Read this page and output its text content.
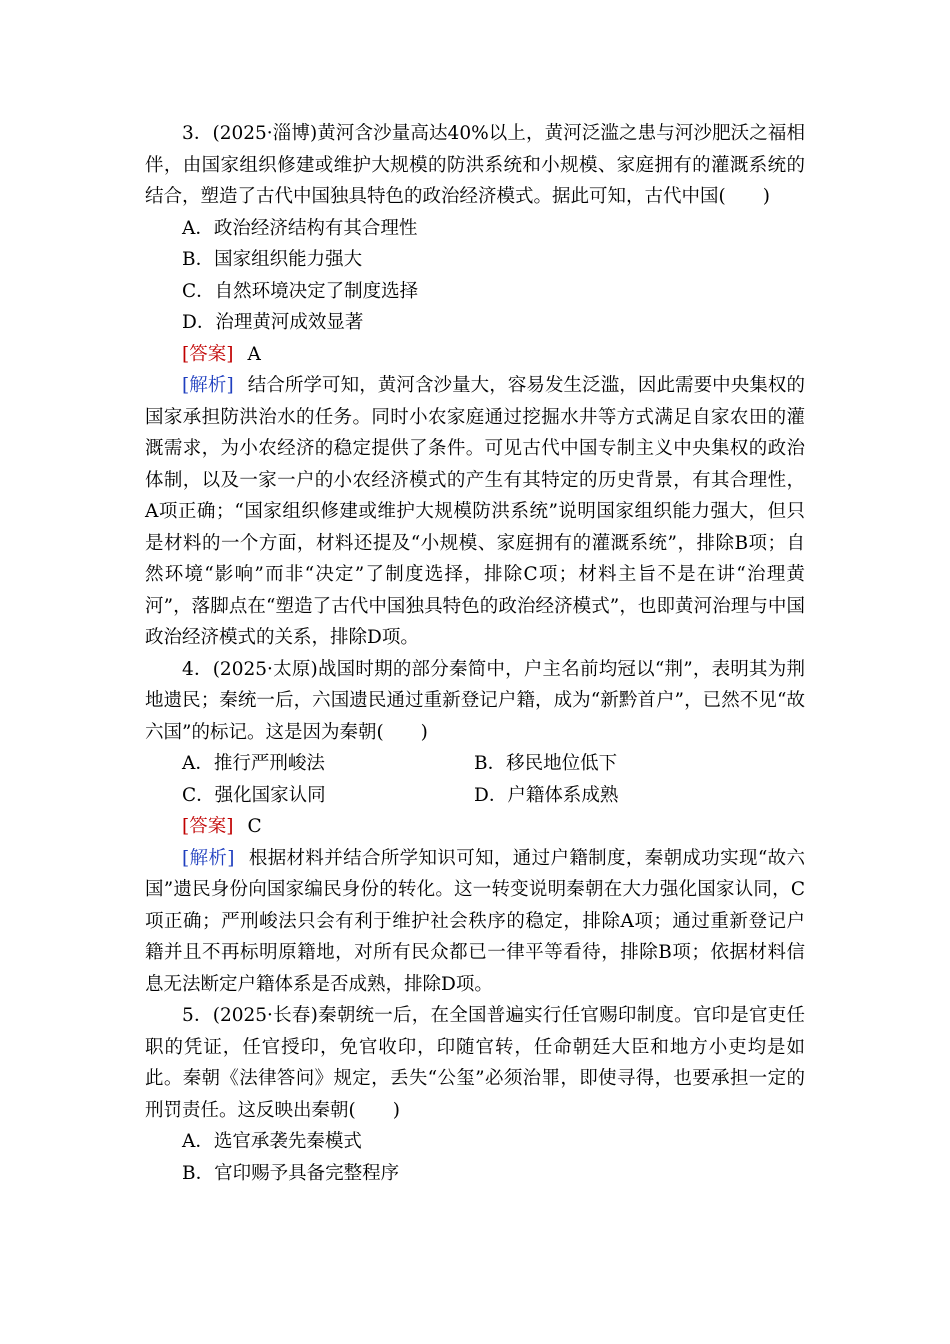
3．(2025·淄博)黄河含沙量高达40%以上，黄河泛滥之患与河沙肥沃之福相伴，由国家组织修建或维护大规模的防洪系统和小规模、家庭拥有的灌溉系统的结合，塑造了古代中国独具特色的政治经济模式。据此可知，古代中国(　　)

A．政治经济结构有其合理性

B．国家组织能力强大

C．自然环境决定了制度选择

D．治理黄河成效显著

[答案] A

[解析] 结合所学可知，黄河含沙量大，容易发生泛滥，因此需要中央集权的国家承担防洪治水的任务。同时小农家庭通过挖掘水井等方式满足自家农田的灌溉需求，为小农经济的稳定提供了条件。可见古代中国专制主义中央集权的政治体制，以及一家一户的小农经济模式的产生有其特定的历史背景，有其合理性，A项正确；“国家组织修建或维护大规模防洪系统”说明国家组织能力强大，但只是材料的一个方面，材料还提及“小规模、家庭拥有的灌溉系统”，排除B项；自然环境“影响”而非“决定”了制度选择，排除C项；材料主旨不是在讲“治理黄河”，落脚点在“塑造了古代中国独具特色的政治经济模式”，也即黄河治理与中国政治经济模式的关系，排除D项。

4．(2025·太原)战国时期的部分秦简中，户主名前均冠以“荆”，表明其为荆地遗民；秦统一后，六国遗民通过重新登记户籍，成为“新黔首户”，已然不见“故六国”的标记。这是因为秦朝(　　)

A．推行严刑峻法	B．移民地位低下
C．强化国家认同	D．户籍体系成熟

[答案] C

[解析] 根据材料并结合所学知识可知，通过户籍制度，秦朝成功实现“故六国”遗民身份向国家编民身份的转化。这一转变说明秦朝在大力强化国家认同，C项正确；严刑峻法只会有利于维护社会秩序的稳定，排除A项；通过重新登记户籍并且不再标明原籍地，对所有民众都已一律平等看待，排除B项；依据材料信息无法断定户籍体系是否成熟，排除D项。

5．(2025·长春)秦朝统一后，在全国普遍实行任官赐印制度。官印是官吏任职的凭证，任官授印，免官收印，印随官转，任命朝廷大臣和地方小吏均是如此。秦朝《法律答问》规定，丢失“公玺”必须治罪，即使寻得，也要承担一定的刑罚责任。这反映出秦朝(　　)

A．选官承袭先秦模式

B．官印赐予具备完整程序
